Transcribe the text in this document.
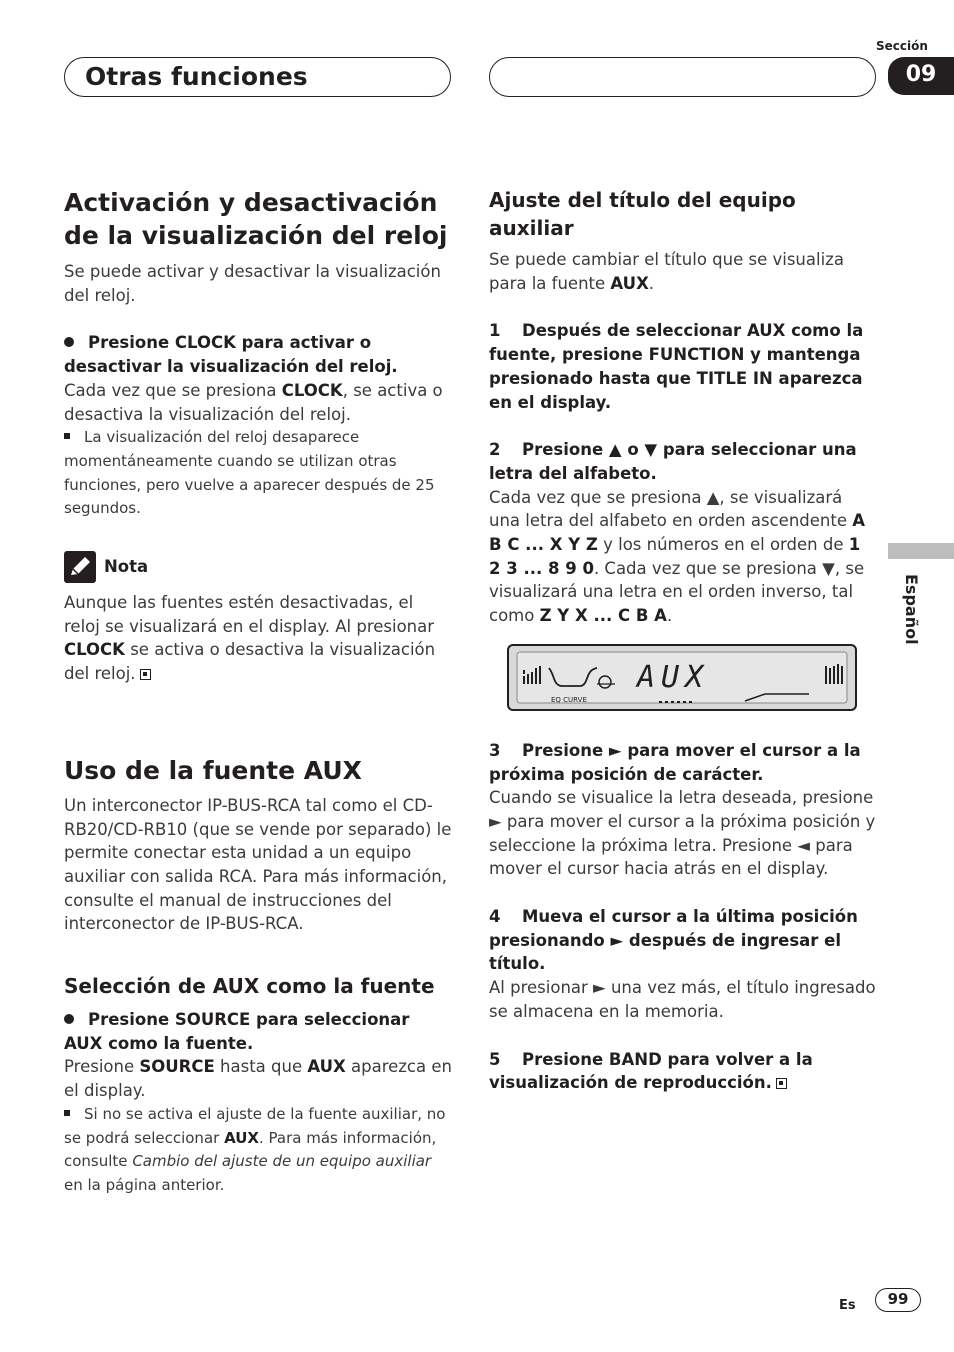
Otras funciones
Sección
09
Español
Activación y desactivación de la visualización del reloj
Se puede activar y desactivar la visualización del reloj.
Presione CLOCK para activar o desactivar la visualización del reloj.
Cada vez que se presiona CLOCK, se activa o desactiva la visualización del reloj.
La visualización del reloj desaparece momentáneamente cuando se utilizan otras funciones, pero vuelve a aparecer después de 25 segundos.
Nota
Aunque las fuentes estén desactivadas, el reloj se visualizará en el display. Al presionar CLOCK se activa o desactiva la visualización del reloj.
Uso de la fuente AUX
Un interconector IP-BUS-RCA tal como el CD-RB20/CD-RB10 (que se vende por separado) le permite conectar esta unidad a un equipo auxiliar con salida RCA. Para más información, consulte el manual de instrucciones del interconector de IP-BUS-RCA.
Selección de AUX como la fuente
Presione SOURCE para seleccionar AUX como la fuente.
Presione SOURCE hasta que AUX aparezca en el display.
Si no se activa el ajuste de la fuente auxiliar, no se podrá seleccionar AUX. Para más información, consulte Cambio del ajuste de un equipo auxiliar en la página anterior.
Ajuste del título del equipo auxiliar
Se puede cambiar el título que se visualiza para la fuente AUX.
1 Después de seleccionar AUX como la fuente, presione FUNCTION y mantenga presionado hasta que TITLE IN aparezca en el display.
2 Presione ▲ o ▼ para seleccionar una letra del alfabeto.
Cada vez que se presiona ▲, se visualizará una letra del alfabeto en orden ascendente A B C ... X Y Z y los números en el orden de 1 2 3 ... 8 9 0. Cada vez que se presiona ▼, se visualizará una letra en el orden inverso, tal como Z Y X ... C B A.
AUX
EQ CURVE
3 Presione ► para mover el cursor a la próxima posición de carácter.
Cuando se visualice la letra deseada, presione ► para mover el cursor a la próxima posición y seleccione la próxima letra. Presione ◄ para mover el cursor hacia atrás en el display.
4 Mueva el cursor a la última posición presionando ► después de ingresar el título.
Al presionar ► una vez más, el título ingresado se almacena en la memoria.
5 Presione BAND para volver a la visualización de reproducción.
Es	99
